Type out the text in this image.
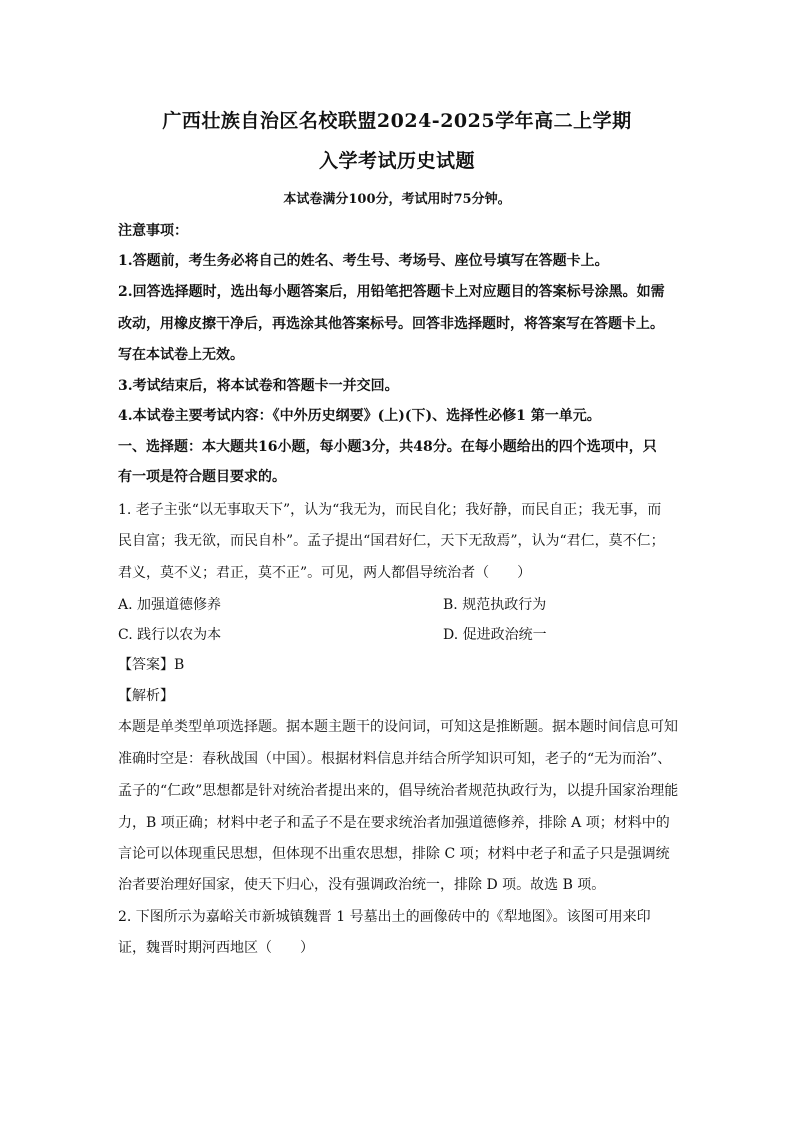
广西壮族自治区名校联盟2024-2025学年高二上学期
入学考试历史试题
本试卷满分100分，考试用时75分钟。
注意事项：
1.答题前，考生务必将自己的姓名、考生号、考场号、座位号填写在答题卡上。
2.回答选择题时，选出每小题答案后，用铅笔把答题卡上对应题目的答案标号涂黑。如需
改动，用橡皮擦干净后，再选涂其他答案标号。回答非选择题时，将答案写在答题卡上。
写在本试卷上无效。
3.考试结束后，将本试卷和答题卡一并交回。
4.本试卷主要考试内容：《中外历史纲要》(上)(下)、选择性必修1 第一单元。
一、选择题：本大题共16小题，每小题3分，共48分。在每小题给出的四个选项中，只
有一项是符合题目要求的。
1. 老子主张“以无事取天下”，认为“我无为，而民自化；我好静，而民自正；我无事，而
民自富；我无欲，而民自朴”。孟子提出“国君好仁，天下无敌焉”，认为“君仁，莫不仁；
君义，莫不义；君正，莫不正”。可见，两人都倡导统治者（　　）
A. 加强道德修养	B. 规范执政行为
C. 践行以农为本	D. 促进政治统一
【答案】B
【解析】
本题是单类型单项选择题。据本题主题干的设问词，可知这是推断题。据本题时间信息可知
准确时空是：春秋战国（中国）。根据材料信息并结合所学知识可知，老子的“无为而治”、
孟子的“仁政”思想都是针对统治者提出来的，倡导统治者规范执政行为，以提升国家治理能
力，B 项正确；材料中老子和孟子不是在要求统治者加强道德修养，排除 A 项；材料中的
言论可以体现重民思想，但体现不出重农思想，排除 C 项；材料中老子和孟子只是强调统
治者要治理好国家，使天下归心，没有强调政治统一，排除 D 项。故选 B 项。
2. 下图所示为嘉峪关市新城镇魏晋 1 号墓出土的画像砖中的《犁地图》。该图可用来印
证，魏晋时期河西地区（　　）
